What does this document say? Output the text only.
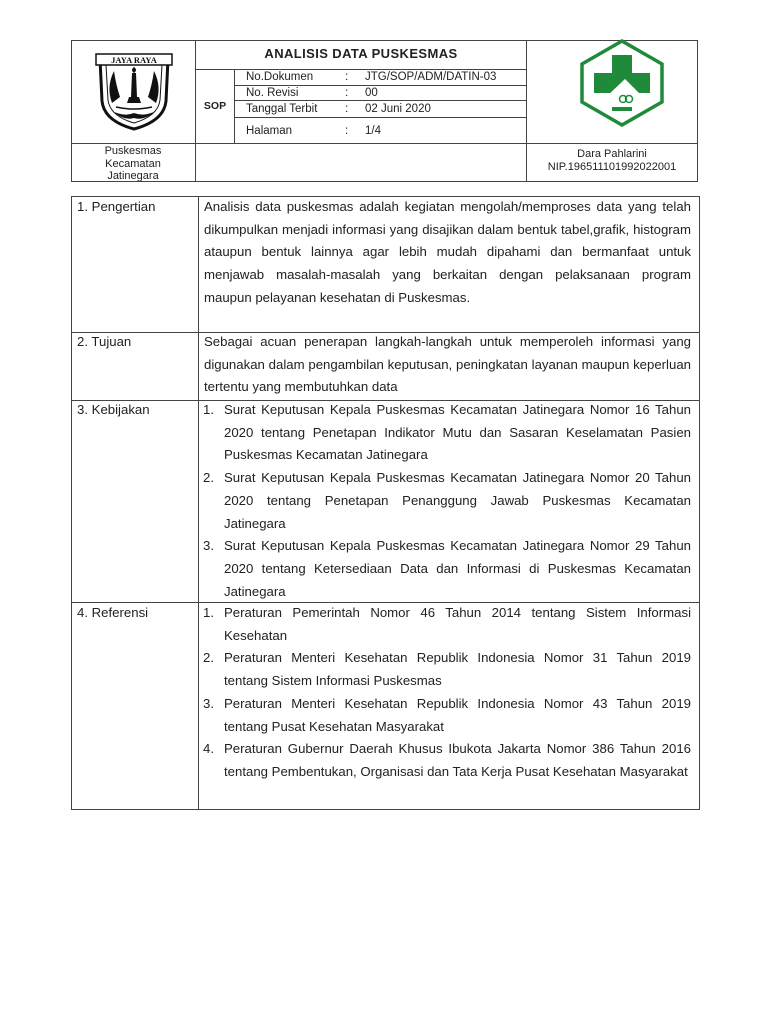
JAYA RAYA	ANALISIS DATA PUSKESMAS
SOP
No.Dokumen	: JTG/SOP/ADM/DATIN-03
No. Revisi	: 00
Tanggal Terbit : 02 Juni 2020
Halaman	: 1/4
Puskesmas
Kecamatan
Jatinegara
Dara Pahlarini
NIP.196511101992022001
1. Pengertian	Analisis data puskesmas adalah kegiatan mengolah/memproses data yang telah dikumpulkan menjadi informasi yang disajikan dalam bentuk tabel,grafik, histogram ataupun bentuk lainnya agar lebih mudah dipahami dan bermanfaat untuk menjawab masalah-masalah yang berkaitan dengan pelaksanaan program maupun pelayanan kesehatan di Puskesmas.
2. Tujuan	Sebagai acuan penerapan langkah-langkah untuk memperoleh informasi yang digunakan dalam pengambilan keputusan, peningkatan layanan maupun keperluan tertentu yang membutuhkan data
3. Kebijakan	1. Surat Keputusan Kepala Puskesmas Kecamatan Jatinegara Nomor 16 Tahun 2020 tentang Penetapan Indikator Mutu dan Sasaran Keselamatan Pasien Puskesmas Kecamatan Jatinegara
2. Surat Keputusan Kepala Puskesmas Kecamatan Jatinegara Nomor 20 Tahun 2020 tentang Penetapan Penanggung Jawab Puskesmas Kecamatan Jatinegara
3. Surat Keputusan Kepala Puskesmas Kecamatan Jatinegara Nomor 29 Tahun 2020 tentang Ketersediaan Data dan Informasi di Puskesmas Kecamatan Jatinegara
4. Referensi	1. Peraturan Pemerintah Nomor 46 Tahun 2014 tentang Sistem Informasi Kesehatan
2. Peraturan Menteri Kesehatan Republik Indonesia Nomor 31 Tahun 2019 tentang Sistem Informasi Puskesmas
3. Peraturan Menteri Kesehatan Republik Indonesia Nomor 43 Tahun 2019 tentang Pusat Kesehatan Masyarakat
4. Peraturan Gubernur Daerah Khusus Ibukota Jakarta Nomor 386 Tahun 2016 tentang Pembentukan, Organisasi dan Tata Kerja Pusat Kesehatan Masyarakat
